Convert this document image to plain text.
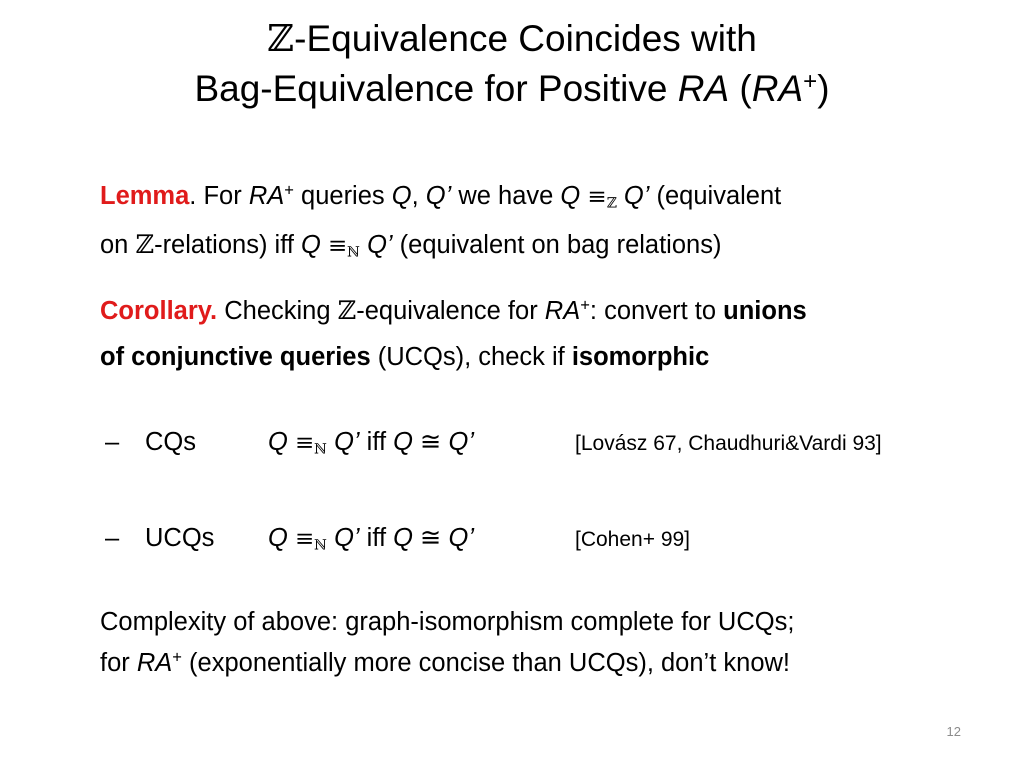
ℤ-Equivalence Coincides with
Bag-Equivalence for Positive RA (RA+)
Lemma. For RA+ queries Q, Q’ we have $Q \equiv_ℤ$ Q’ (equivalent
on ℤ-relations) iff $Q \equiv_ℕ$ Q’ (equivalent on bag relations)
Corollary. Checking ℤ-equivalence for RA+: convert to unions
of conjunctive queries (UCQs), check if isomorphic
– CQs	$Q \equiv_ℕ$ Q’ iff Q ≅ Q’	[Lovász 67, Chaudhuri&Vardi 93]
– UCQs $Q \equiv_ℕ$ Q’ iff Q ≅ Q’	[Cohen+ 99]
Complexity of above: graph-isomorphism complete for UCQs;
for RA+ (exponentially more concise than UCQs), don’t know!
12
